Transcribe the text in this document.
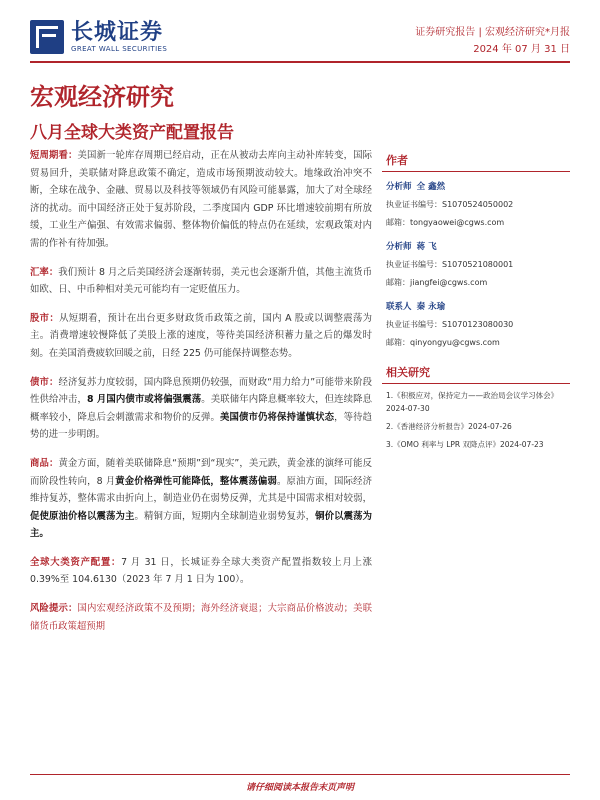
长城证券
GREAT WALL SECURITIES
证券研究报告 | 宏观经济研究*月报
2024 年 07 月 31 日
宏观经济研究
八月全球大类资产配置报告

短周期看：美国新一轮库存周期已经启动，正在从被动去库向主动补库转变，国际贸易回升，美联储对降息政策不确定，造成市场预期波动较大。地缘政治冲突不断，全球在战争、金融、贸易以及科技等领域仍有风险可能暴露，加大了对全球经济的扰动。而中国经济正处于复苏阶段，二季度国内 GDP 环比增速较前期有所放缓，工业生产偏强、有效需求偏弱、整体物价偏低的特点仍在延续，宏观政策对内需的作补有待加强。

汇率：我们预计 8 月之后美国经济会逐渐转弱，美元也会逐渐升值，其他主流货币如欧、日、中币种相对美元可能均有一定贬值压力。

股市：从短期看，预计在出台更多财政货币政策之前，国内 A 股或以调整震荡为主。消费增速较慢降低了美股上涨的速度，等待美国经济积蓄力量之后的爆发时刻。在美国消费疲软回暖之前，日经 225 仍可能保持调整态势。

债市：经济复苏力度较弱，国内降息预期仍较强，而财政“用力给力”可能带来阶段性供给冲击，8 月国内债市或将偏强震荡。美联储年内降息概率较大，但连续降息概率较小，降息后会刺激需求和物价的反弹。美国债市仍将保持谨慎状态，等待趋势的进一步明朗。

商品：黄金方面，随着美联储降息“预期”到“现实”，美元跌，黄金涨的演绎可能反而阶段性转向，8 月黄金价格弹性可能降低，整体震荡偏弱。原油方面，国际经济维持复苏，整体需求由折向上，制造业仍在弱势反弹，尤其是中国需求相对较弱，促使原油价格以震荡为主。精铜方面，短期内全球制造业弱势复苏，铜价以震荡为主。

全球大类资产配置：7 月 31 日，长城证券全球大类资产配置指数较上月上涨 0.39%至 104.6130（2023 年 7 月 1 日为 100）。

风险提示：国内宏观经济政策不及预期；海外经济衰退；大宗商品价格波动；美联储货币政策超预期

作者
分析师 全 鑫然
执业证书编号：S1070524050002
邮箱：tongyaowei@cgws.com
分析师 蒋 飞
执业证书编号：S1070521080001
邮箱：jiangfei@cgws.com
联系人 秦 永瑜
执业证书编号：S1070123080030
邮箱：qinyongyu@cgws.com
相关研究
1.《积极应对，保持定力——政治局会议学习体会》2024-07-30
2.《香港经济分析报告》2024-07-26
3.《OMO 利率与 LPR 双降点评》2024-07-23
请仔细阅读本报告末页声明
